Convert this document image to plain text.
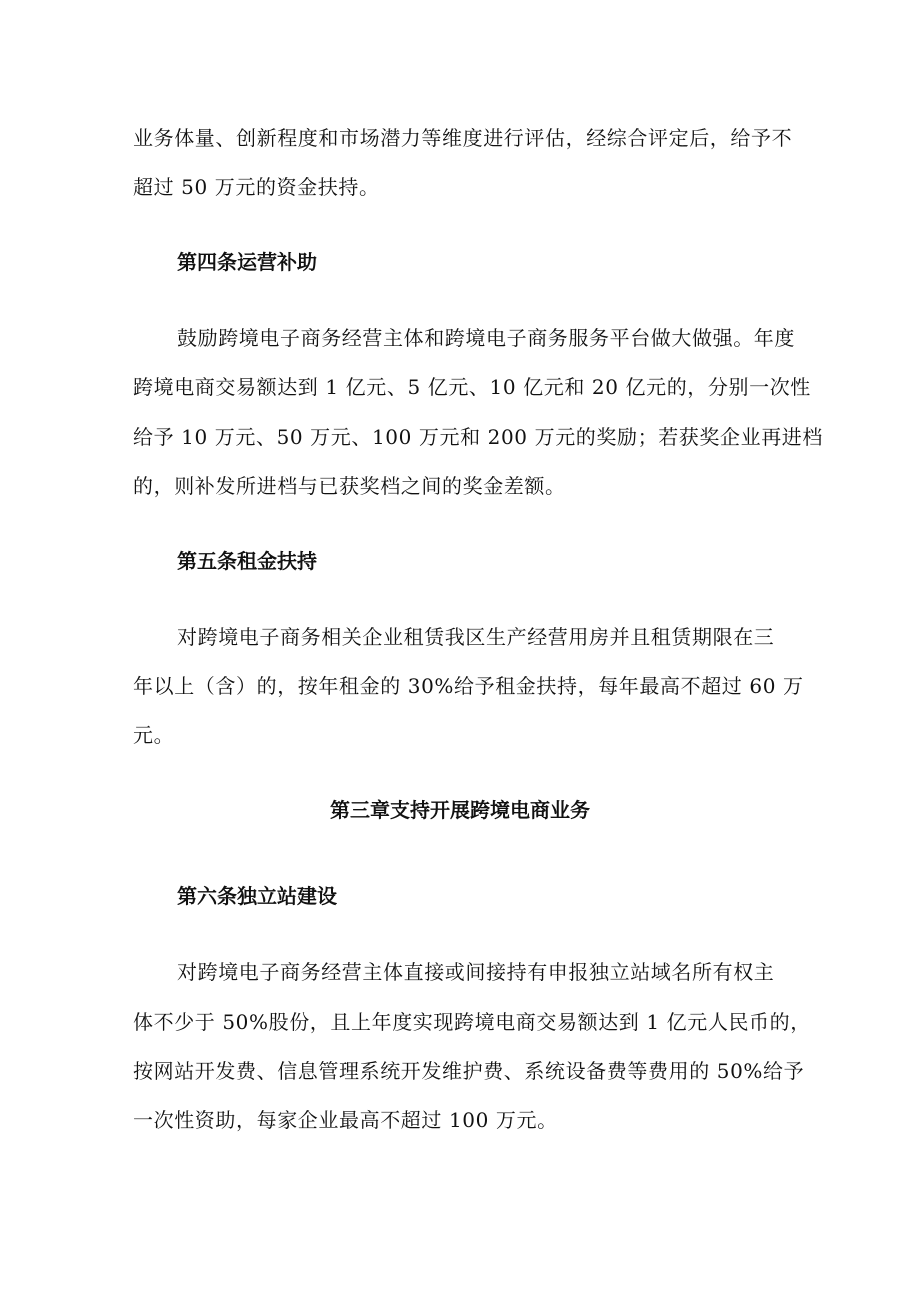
业务体量、创新程度和市场潜力等维度进行评估，经综合评定后，给予不
超过 50 万元的资金扶持。
第四条运营补助
鼓励跨境电子商务经营主体和跨境电子商务服务平台做大做强。年度
跨境电商交易额达到 1 亿元、5 亿元、10 亿元和 20 亿元的，分别一次性
给予 10 万元、50 万元、100 万元和 200 万元的奖励；若获奖企业再进档
的，则补发所进档与已获奖档之间的奖金差额。
第五条租金扶持
对跨境电子商务相关企业租赁我区生产经营用房并且租赁期限在三
年以上（含）的，按年租金的 30%给予租金扶持，每年最高不超过 60 万
元。
第三章支持开展跨境电商业务
第六条独立站建设
对跨境电子商务经营主体直接或间接持有申报独立站域名所有权主
体不少于 50%股份，且上年度实现跨境电商交易额达到 1 亿元人民币的，
按网站开发费、信息管理系统开发维护费、系统设备费等费用的 50%给予
一次性资助，每家企业最高不超过 100 万元。
